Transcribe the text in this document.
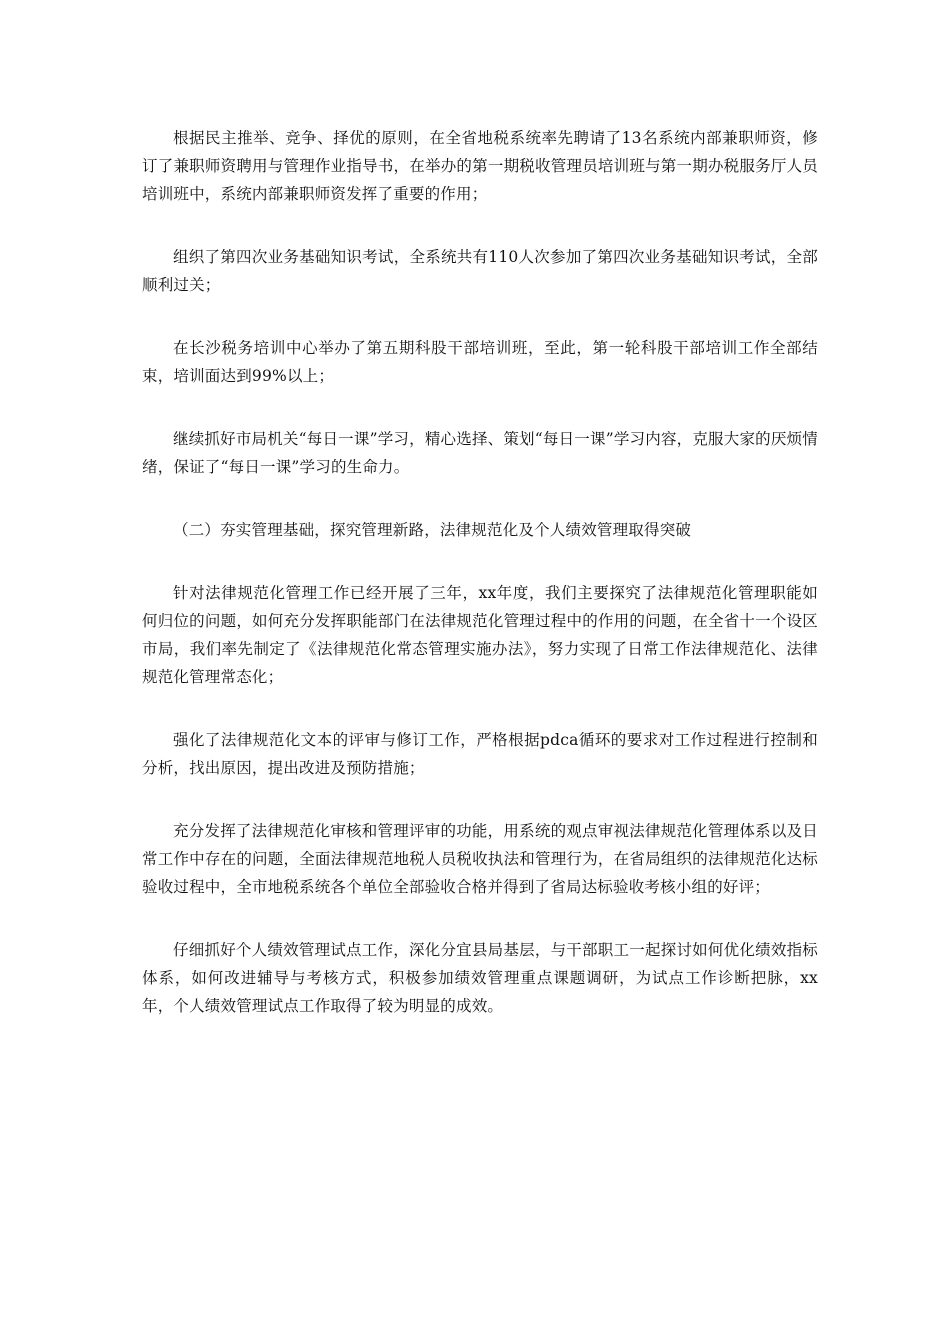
根据民主推举、竞争、择优的原则，在全省地税系统率先聘请了13名系统内部兼职师资，修订了兼职师资聘用与管理作业指导书，在举办的第一期税收管理员培训班与第一期办税服务厅人员培训班中，系统内部兼职师资发挥了重要的作用；

组织了第四次业务基础知识考试，全系统共有110人次参加了第四次业务基础知识考试，全部顺利过关；

在长沙税务培训中心举办了第五期科股干部培训班，至此，第一轮科股干部培训工作全部结束，培训面达到99%以上；

继续抓好市局机关“每日一课”学习，精心选择、策划“每日一课”学习内容，克服大家的厌烦情绪，保证了“每日一课”学习的生命力。

（二）夯实管理基础，探究管理新路，法律规范化及个人绩效管理取得突破

针对法律规范化管理工作已经开展了三年，xx年度，我们主要探究了法律规范化管理职能如何归位的问题，如何充分发挥职能部门在法律规范化管理过程中的作用的问题，在全省十一个设区市局，我们率先制定了《法律规范化常态管理实施办法》，努力实现了日常工作法律规范化、法律规范化管理常态化；

强化了法律规范化文本的评审与修订工作，严格根据pdca循环的要求对工作过程进行控制和分析，找出原因，提出改进及预防措施；

充分发挥了法律规范化审核和管理评审的功能，用系统的观点审视法律规范化管理体系以及日常工作中存在的问题，全面法律规范地税人员税收执法和管理行为，在省局组织的法律规范化达标验收过程中，全市地税系统各个单位全部验收合格并得到了省局达标验收考核小组的好评；

仔细抓好个人绩效管理试点工作，深化分宜县局基层，与干部职工一起探讨如何优化绩效指标体系，如何改进辅导与考核方式，积极参加绩效管理重点课题调研，为试点工作诊断把脉，xx年，个人绩效管理试点工作取得了较为明显的成效。
